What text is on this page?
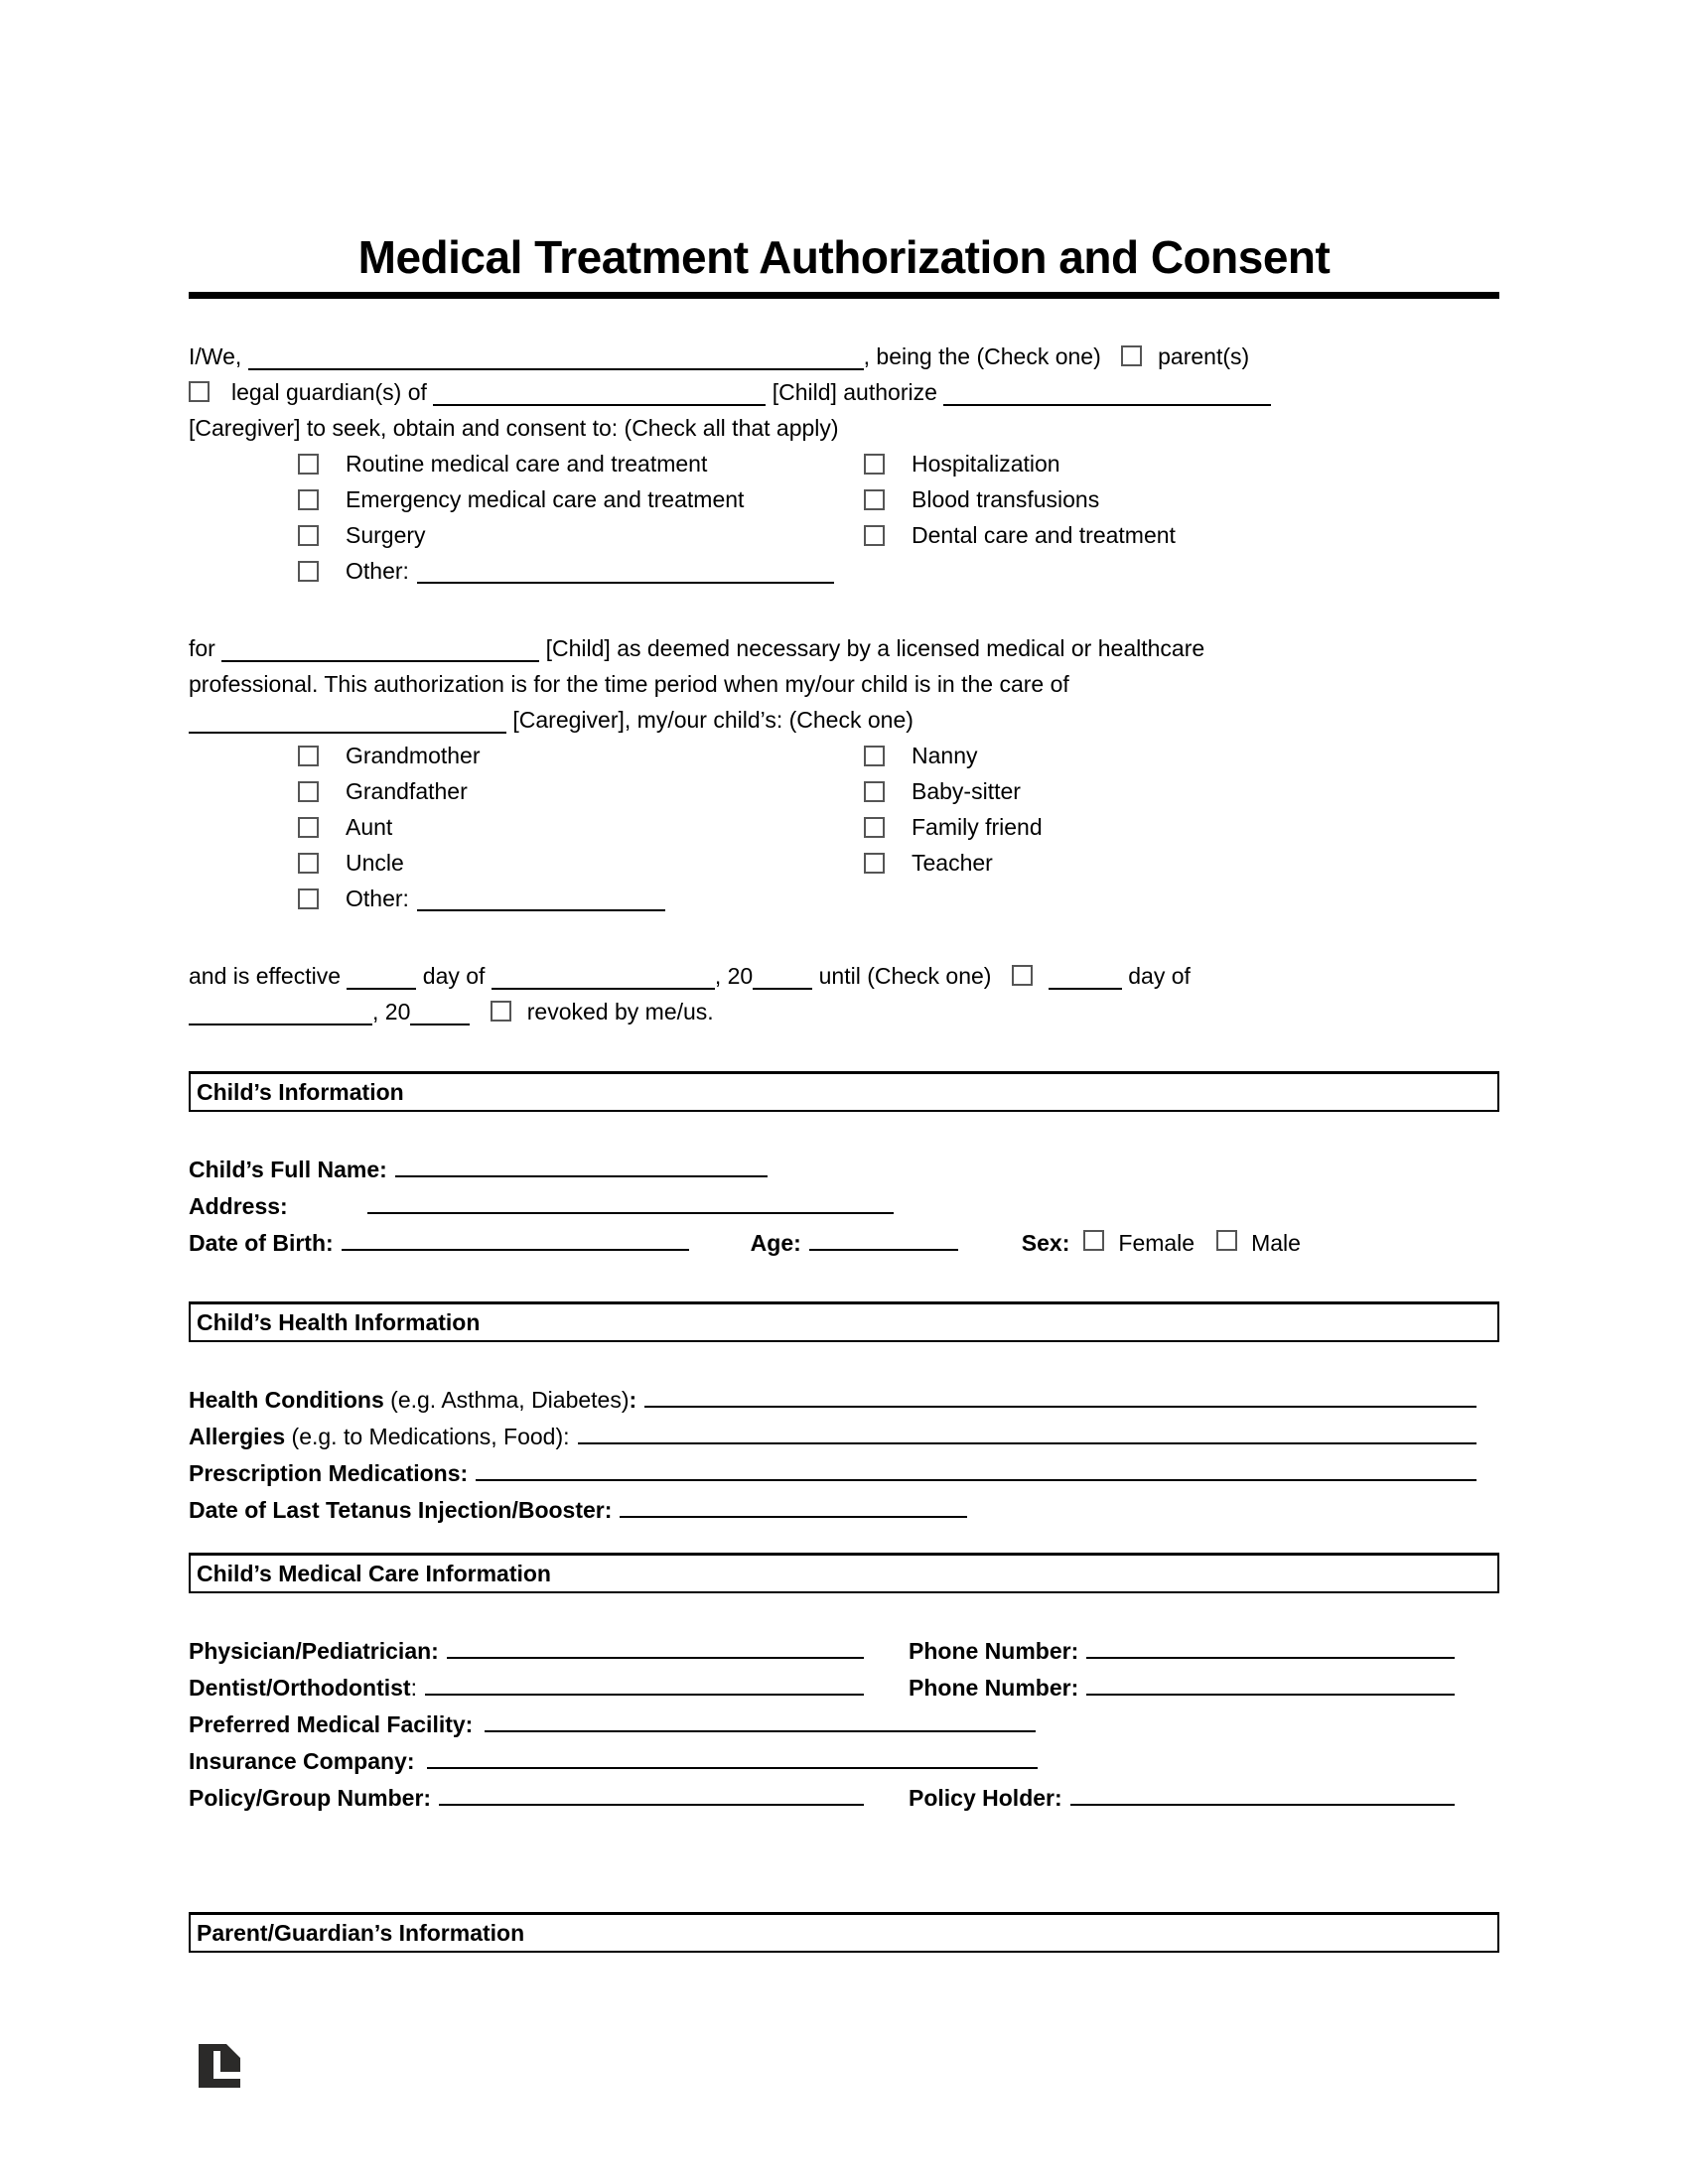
Medical Treatment Authorization and Consent

I/We,	, being the (Check one) parent(s)
legal guardian(s) of	[Child] authorize
[Caregiver] to seek, obtain and consent to: (Check all that apply)

Routine medical care and treatment	Hospitalization
Emergency medical care and treatment	Blood transfusions
Surgery	Dental care and treatment
Other:

for	[Child] as deemed necessary by a licensed medical or healthcare
professional. This authorization is for the time period when my/our child is in the care of
[Caregiver], my/our child’s: (Check one)

Grandmother	Nanny
Grandfather	Baby-sitter
Aunt	Family friend
Uncle	Teacher
Other:

and is effective	day of	, 20	until (Check one)	day of
, 20	revoked by me/us.

Child’s Information
Child’s Full Name:
Address:
Date of Birth:	Age:	Sex: Female Male
Child’s Health Information
Health Conditions (e.g. Asthma, Diabetes):
Allergies (e.g. to Medications, Food):
Prescription Medications:
Date of Last Tetanus Injection/Booster:
Child’s Medical Care Information
Physician/Pediatrician:	Phone Number:
Dentist/Orthodontist:	Phone Number:
Preferred Medical Facility:
Insurance Company:
Policy/Group Number:	Policy Holder:
Parent/Guardian’s Information
